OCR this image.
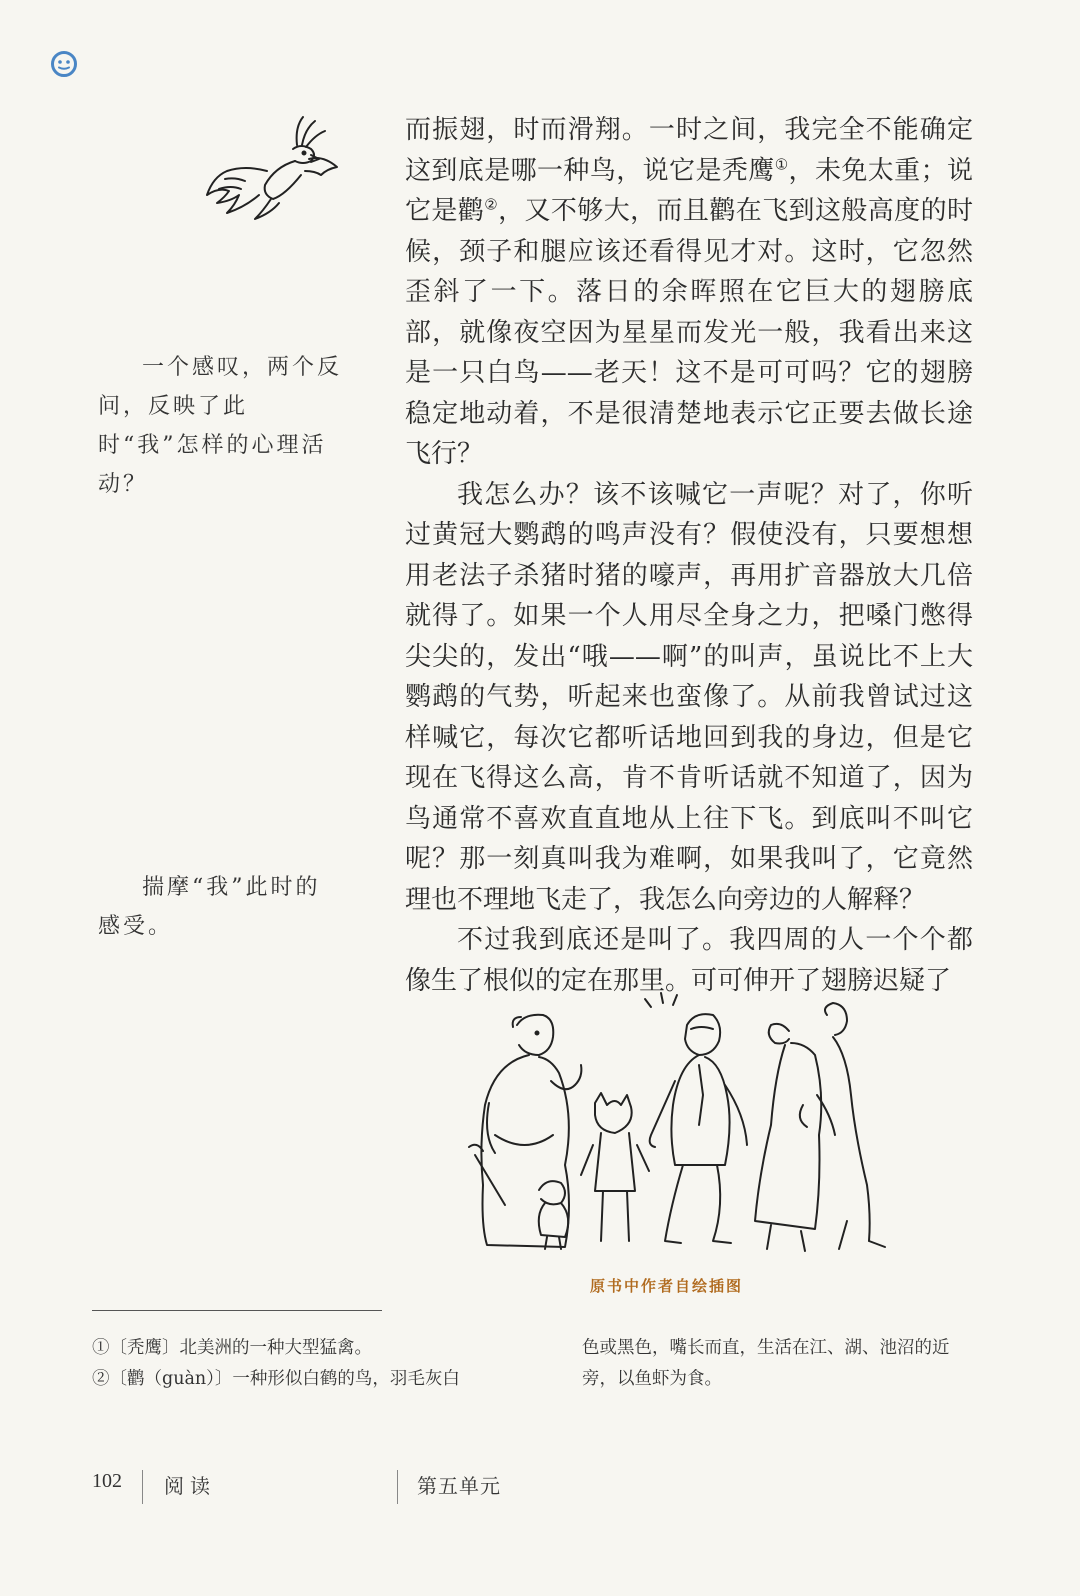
一个感叹，两个反问，反映了此时“我”怎样的心理活动？

揣摩“我”此时的感受。

而振翅，时而滑翔。一时之间，我完全不能确定这到底是哪一种鸟，说它是秃鹰①，未免太重；说它是鹳②，又不够大，而且鹳在飞到这般高度的时候，颈子和腿应该还看得见才对。这时，它忽然歪斜了一下。落日的余晖照在它巨大的翅膀底部，就像夜空因为星星而发光一般，我看出来这是一只白鸟——老天！这不是可可吗？它的翅膀稳定地动着，不是很清楚地表示它正要去做长途飞行？

我怎么办？该不该喊它一声呢？对了，你听过黄冠大鹦鹉的鸣声没有？假使没有，只要想想用老法子杀猪时猪的嚎声，再用扩音器放大几倍就得了。如果一个人用尽全身之力，把嗓门憋得尖尖的，发出“哦——啊”的叫声，虽说比不上大鹦鹉的气势，听起来也蛮像了。从前我曾试过这样喊它，每次它都听话地回到我的身边，但是它现在飞得这么高，肯不肯听话就不知道了，因为鸟通常不喜欢直直地从上往下飞。到底叫不叫它呢？那一刻真叫我为难啊，如果我叫了，它竟然理也不理地飞走了，我怎么向旁边的人解释？

不过我到底还是叫了。我四周的人一个个都像生了根似的定在那里。可可伸开了翅膀迟疑了

原书中作者自绘插图

①〔秃鹰〕北美洲的一种大型猛禽。

②〔鹳（guàn）〕一种形似白鹤的鸟，羽毛灰白

色或黑色，嘴长而直，生活在江、湖、池沼的近旁，以鱼虾为食。

102 阅读	第五单元
